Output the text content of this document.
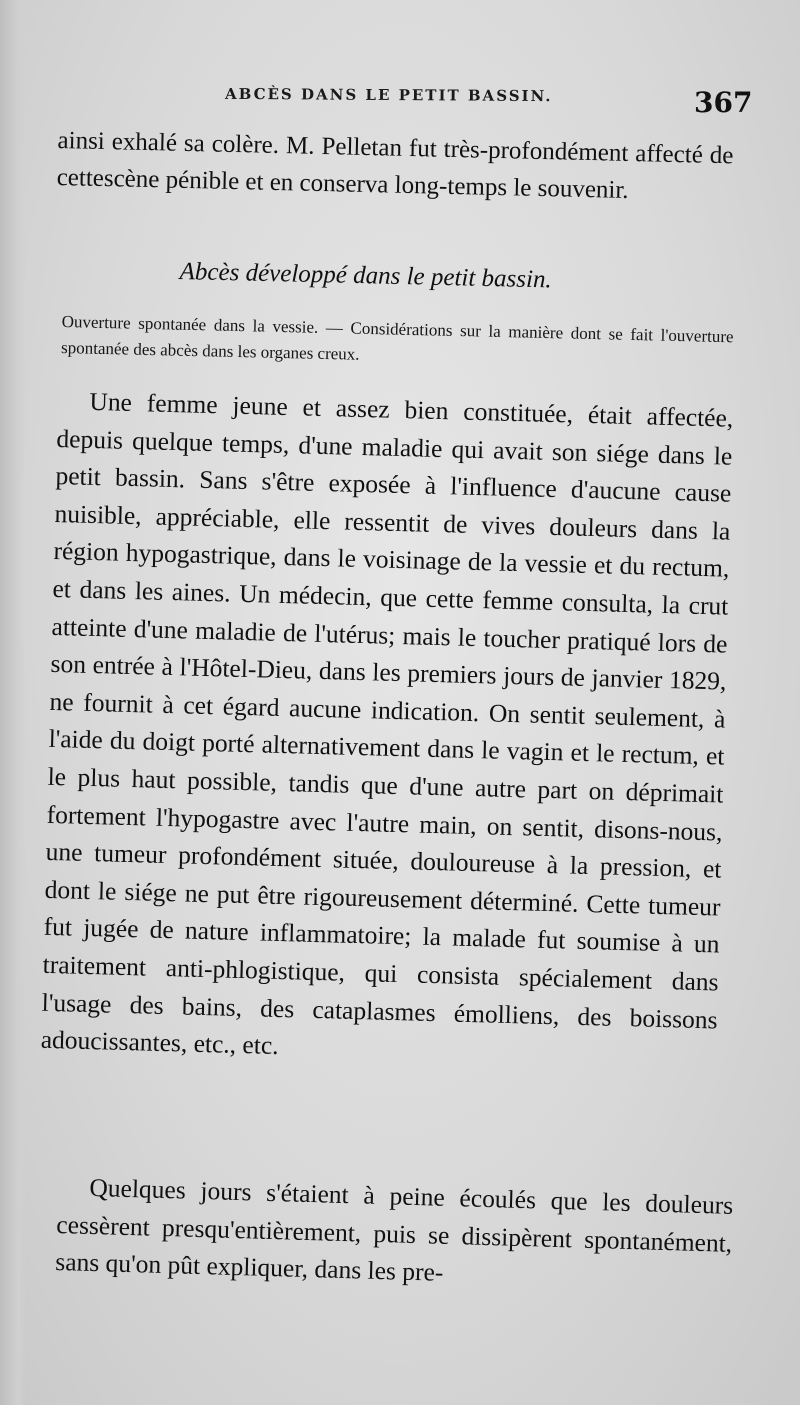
ABCÈS DANS LE PETIT BASSIN.	367
ainsi exhalé sa colère. M. Pelletan fut très-profondément affecté de cettescène pénible et en conserva long-temps le souvenir.
Abcès développé dans le petit bassin.
Ouverture spontanée dans la vessie. — Considérations sur la manière dont se fait l'ouverture spontanée des abcès dans les organes creux.
Une femme jeune et assez bien constituée, était affectée, depuis quelque temps, d'une maladie qui avait son siége dans le petit bassin. Sans s'être exposée à l'influence d'aucune cause nuisible, appréciable, elle ressentit de vives douleurs dans la région hypogastrique, dans le voisinage de la vessie et du rectum, et dans les aines. Un médecin, que cette femme consulta, la crut atteinte d'une maladie de l'utérus; mais le toucher pratiqué lors de son entrée à l'Hôtel-Dieu, dans les premiers jours de janvier 1829, ne fournit à cet égard aucune indication. On sentit seulement, à l'aide du doigt porté alternativement dans le vagin et le rectum, et le plus haut possible, tandis que d'une autre part on déprimait fortement l'hypogastre avec l'autre main, on sentit, disons-nous, une tumeur profondément située, douloureuse à la pression, et dont le siége ne put être rigoureusement déterminé. Cette tumeur fut jugée de nature inflammatoire; la malade fut soumise à un traitement anti-phlogistique, qui consista spécialement dans l'usage des bains, des cataplasmes émolliens, des boissons adoucissantes, etc., etc.
Quelques jours s'étaient à peine écoulés que les douleurs cessèrent presqu'entièrement, puis se dissipèrent spontanément, sans qu'on pût expliquer, dans les pre-
